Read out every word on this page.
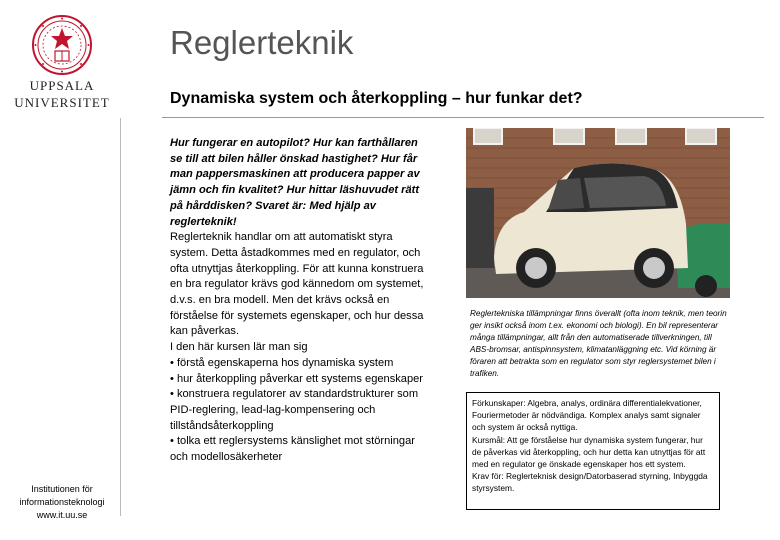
UPPSALA
UNIVERSITET
Reglerteknik
Dynamiska system och återkoppling – hur funkar det?
Institutionen för
informationsteknologi
www.it.uu.se

Hur fungerar en autopilot? Hur kan farthållaren se till att bilen håller önskad hastighet? Hur får man pappersmaskinen att producera papper av jämn och fin kvalitet? Hur hittar läshuvudet rätt på hårddisken? Svaret är: Med hjälp av reglerteknik!

Reglerteknik handlar om att automatiskt styra system. Detta åstadkommes med en regulator, och ofta utnyttjas återkoppling. För att kunna konstruera en bra regulator krävs god kännedom om systemet, d.v.s. en bra modell. Men det krävs också en förståelse för systemets egenskaper, och hur dessa kan påverkas.

I den här kursen lär man sig

• förstå egenskaperna hos dynamiska system

• hur återkoppling påverkar ett systems egenskaper

• konstruera regulatorer av standardstrukturer som PID-reglering, lead-lag-kompensering och tillståndsåterkoppling

• tolka ett reglersystems känslighet mot störningar och modellosäkerheter

Reglertekniska tillämpningar finns överallt (ofta inom teknik, men teorin ger insikt också inom t.ex. ekonomi och biologi). En bil representerar många tillämpningar, allt från den automatiserade tillverkningen, till ABS-bromsar, antispinnsystem, klimatanläggning etc. Vid körning är föraren att betrakta som en regulator som styr reglersystemet bilen i trafiken.

Förkunskaper: Algebra, analys, ordinära differentialekvationer, Fouriermetoder är nödvändiga. Komplex analys samt signaler och system är också nyttiga.

Kursmål: Att ge förståelse hur dynamiska system fungerar, hur de påverkas vid återkoppling, och hur detta kan utnyttjas för att med en regulator ge önskade egenskaper hos ett system.

Krav för: Reglerteknisk design/Datorbaserad styrning, Inbyggda styrsystem.
